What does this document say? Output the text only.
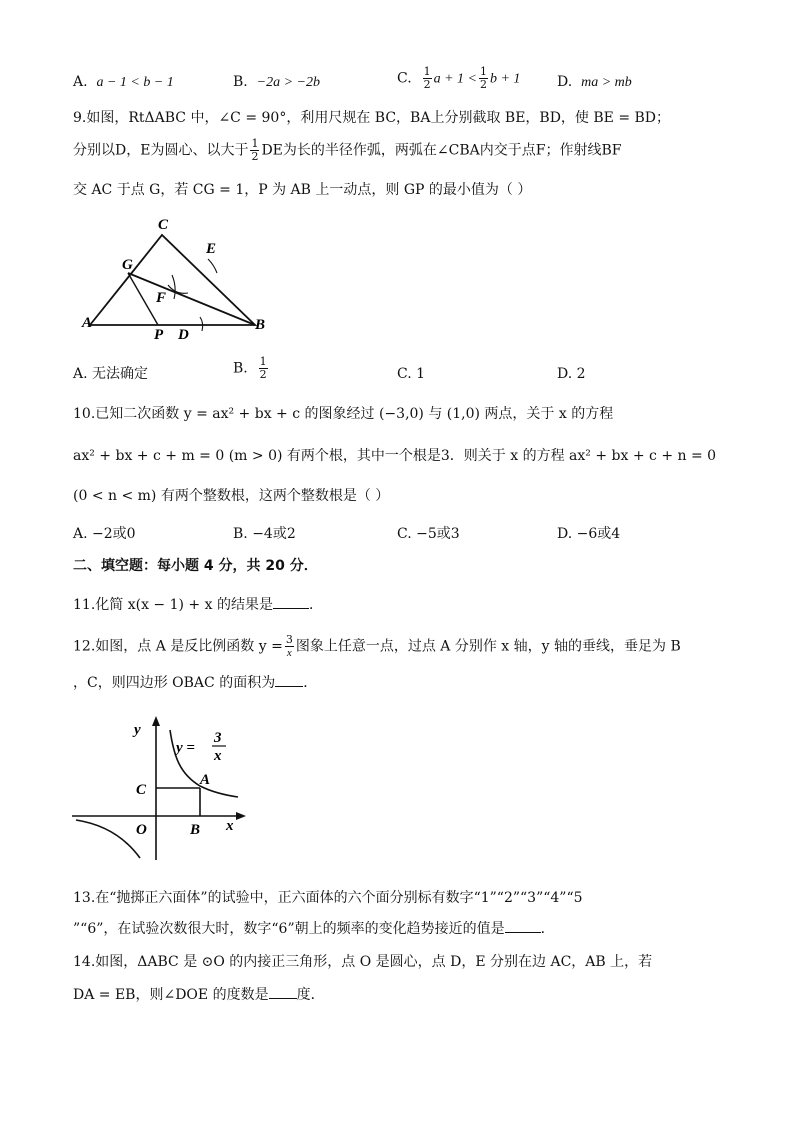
A. a − 1 < b − 1	B. −2a > −2b	C. $\frac{1}{2}$ $a + 1 < \frac{1}{2}$ b + 1	D. ma > mb
9.如图，RtΔABC 中，∠C = 90°，利用尺规在 BC，BA上分别截取 BE，BD，使 BE = BD；
分别以D，E为圆心、以大于 $\frac{1}{2}$ DE为长的半径作弧，两弧在∠CBA内交于点F；作射线BF
交 AC 于点 G，若 CG = 1，P 为 AB 上一动点，则 GP 的最小值为（ ）
C
G
E
F
A
P D
B
A. 无法确定	B. $\frac{1}{2}$	C. 1	D. 2
10.已知二次函数 y = ax² + bx + c 的图象经过 (−3,0) 与 (1,0) 两点，关于 x 的方程
ax² + bx + c + m = 0 (m > 0) 有两个根，其中一个根是3．则关于 x 的方程 ax² + bx + c + n = 0
(0 < n < m) 有两个整数根，这两个整数根是（ ）
A. −2或0	B. −4或2	C. −5或3	D. −6或4
二、填空题：每小题 4 分，共 20 分．
11.化简 x(x − 1) + x 的结果是	．
12.如图，点 A 是反比例函数 $y = \frac{3}{x}$ 图象上任意一点，过点 A 分别作 x 轴，y 轴的垂线，垂足为 B
，C，则四边形 OBAC 的面积为 ．
y
x
O	B
C
A
y =
3
x
13.在“抛掷正六面体”的试验中，正六面体的六个面分别标有数字“1”“2”“3”“4”“5
”“6”，在试验次数很大时，数字“6”朝上的频率的变化趋势接近的值是	．
14.如图，ΔABC 是 ⊙O 的内接正三角形，点 O 是圆心，点 D，E 分别在边 AC，AB 上，若
DA = EB，则∠DOE 的度数是 度．
